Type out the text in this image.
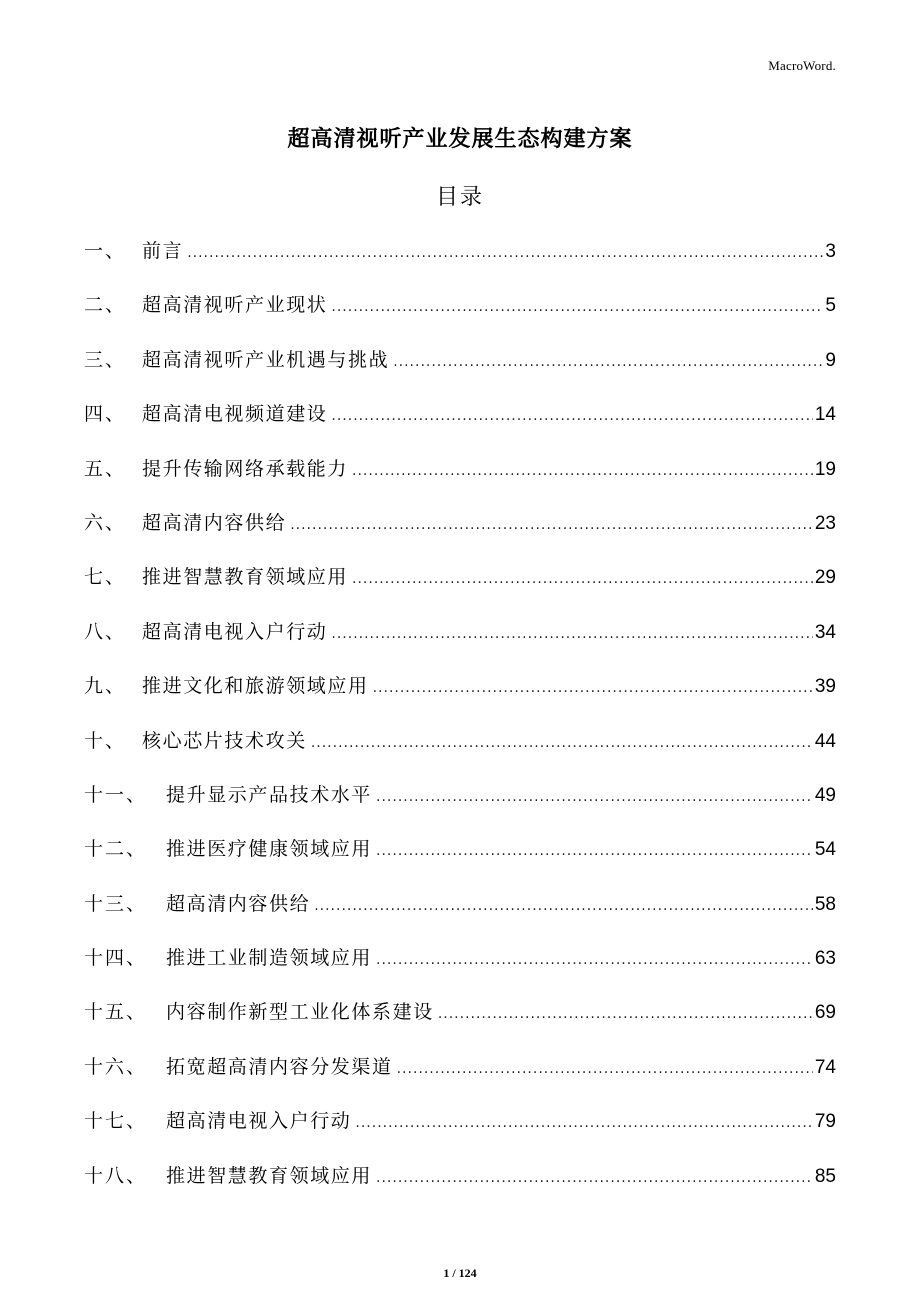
MacroWord.
超高清视听产业发展生态构建方案
目录
一、 前言 .....	3
二、 超高清视听产业现状 .....	5
三、 超高清视听产业机遇与挑战 .....	9
四、 超高清电视频道建设 .....	14
五、 提升传输网络承载能力 .....	19
六、 超高清内容供给 .....	23
七、 推进智慧教育领域应用 .....	29
八、 超高清电视入户行动 .....	34
九、 推进文化和旅游领域应用 .....	39
十、 核心芯片技术攻关 .....	44
十一、 提升显示产品技术水平 .....	49
十二、 推进医疗健康领域应用 .....	54
十三、 超高清内容供给 .....	58
十四、 推进工业制造领域应用 .....	63
十五、 内容制作新型工业化体系建设 .....	69
十六、 拓宽超高清内容分发渠道 .....	74
十七、 超高清电视入户行动 .....	79
十八、 推进智慧教育领域应用 .....	85
1 / 124
